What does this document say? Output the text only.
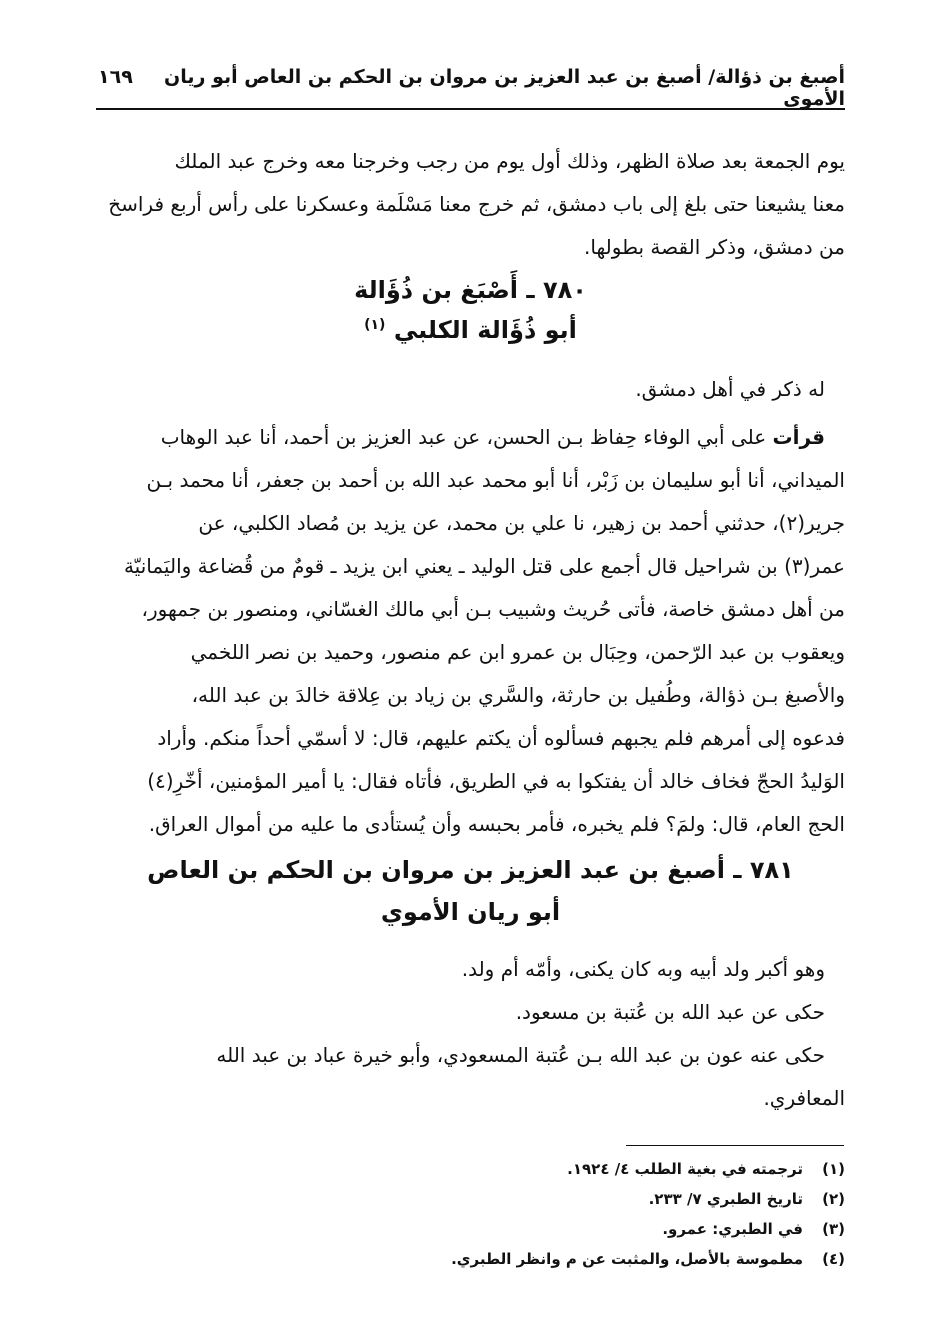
أصبغ بن ذؤالة/ أصبغ بن عبد العزيز بن مروان بن الحكم بن العاص أبو ريان الأموي
١٦٩

يوم الجمعة بعد صلاة الظهر، وذلك أول يوم من رجب وخرجنا معه وخرج عبد الملك

معنا يشيعنا حتى بلغ إلى باب دمشق، ثم خرج معنا مَسْلَمة وعسكرنا على رأس أربع فراسخ

من دمشق، وذكر القصة بطولها.

٧٨٠ ـ أَصْبَغ بن ذُؤَالة
أبو ذُؤَالة الكلبي $^{(١)}$

له ذكر في أهل دمشق.

قرأت على أبي الوفاء حِفاظ بـن الحسن، عن عبد العزيز بن أحمد، أنا عبد الوهاب

الميداني، أنا أبو سليمان بن زَبْر، أنا أبو محمد عبد الله بن أحمد بن جعفر، أنا محمد بـن

جرير(٢)، حدثني أحمد بن زهير، نا علي بن محمد، عن يزيد بن مُصاد الكلبي، عن

عمر(٣) بن شراحيل قال أجمع على قتل الوليد ـ يعني ابن يزيد ـ قومٌ من قُضاعة واليَمانيّة

من أهل دمشق خاصة، فأتى حُريث وشبيب بـن أبي مالك الغسّاني، ومنصور بن جمهور،

ويعقوب بن عبد الرّحمن، وحِبَال بن عمرو ابن عم منصور، وحميد بن نصر اللخمي

والأصبغ بـن ذؤالة، وطُفيل بن حارثة، والسَّري بن زياد بن عِلاقة خالدَ بن عبد الله،

فدعوه إلى أمرهم فلم يجبهم فسألوه أن يكتم عليهم، قال: لا أسمّي أحداً منكم. وأراد

الوَليدُ الحجّ فخاف خالد أن يفتكوا به في الطريق، فأتاه فقال: يا أمير المؤمنين، أخّرِ(٤)

الحج العام، قال: ولمَ؟ فلم يخبره، فأمر بحبسه وأن يُستأدى ما عليه من أموال العراق.

٧٨١ ـ أصبغ بن عبد العزيز بن مروان بن الحكم بن العاص
أبو ريان الأموي

وهو أكبر ولد أبيه وبه كان يكنى، وأمّه أم ولد.

حكى عن عبد الله بن عُتبة بن مسعود.

حكى عنه عون بن عبد الله بـن عُتبة المسعودي، وأبو خيرة عباد بن عبد الله

المعافري.

(١)
ترجمته في بغية الطلب ٤/ ١٩٢٤.
(٢)
تاريخ الطبري ٧/ ٢٣٣.
(٣)
في الطبري: عمرو.
(٤)
مطموسة بالأصل، والمثبت عن م وانظر الطبري.
